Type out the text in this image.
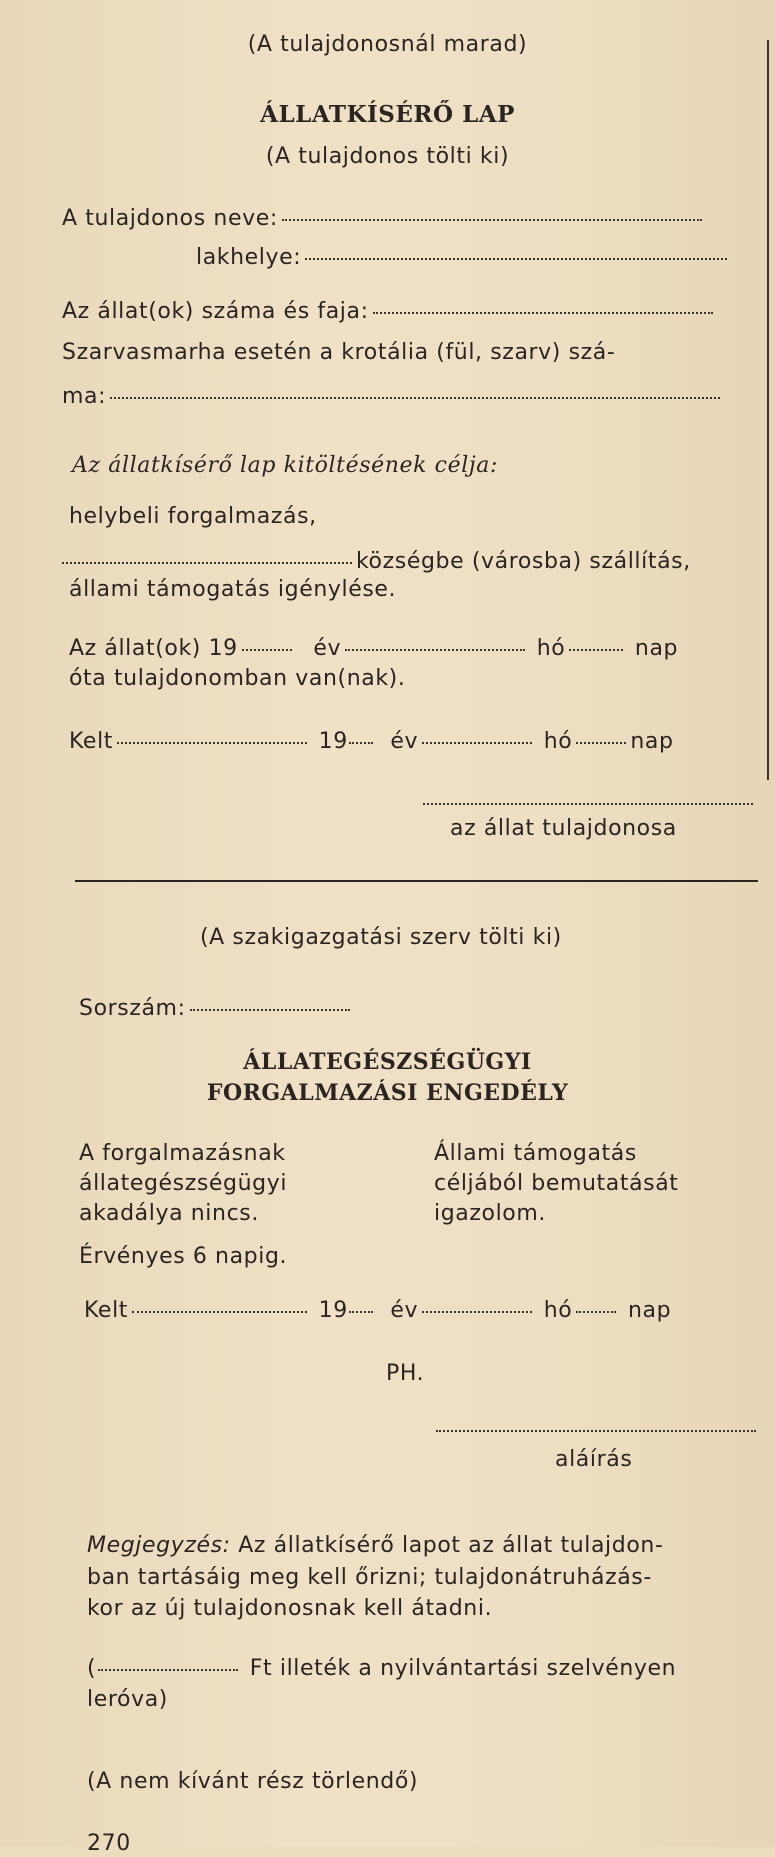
(A tulajdonosnál marad)
ÁLLATKÍSÉRŐ LAP
(A tulajdonos tölti ki)
A tulajdonos neve:
lakhelye:
Az állat(ok) száma és faja:
Szarvasmarha esetén a krotália (fül, szarv) szá-
ma:
Az állatkísérő lap kitöltésének célja:
helybeli forgalmazás,
községbe (városba) szállítás,
állami támogatás igénylése.
Az állat(ok) 19	év	hó	nap
óta tulajdonomban van(nak).
Kelt	19 év	hó	nap
az állat tulajdonosa
(A szakigazgatási szerv tölti ki)
Sorszám:
ÁLLATEGÉSZSÉGÜGYI
FORGALMAZÁSI ENGEDÉLY
A forgalmazásnak
állategészségügyi
akadálya nincs.
Érvényes 6 napig.
Állami támogatás
céljából bemutatását
igazolom.
Kelt	19 év	hó	nap
PH.
aláírás
Megjegyzés: Az állatkísérő lapot az állat tulajdon-
ban tartásáig meg kell őrizni; tulajdonátruházás-
kor az új tulajdonosnak kell átadni.
(	Ft illeték a nyilvántartási szelvényen
leróva)
(A nem kívánt rész törlendő)
270
